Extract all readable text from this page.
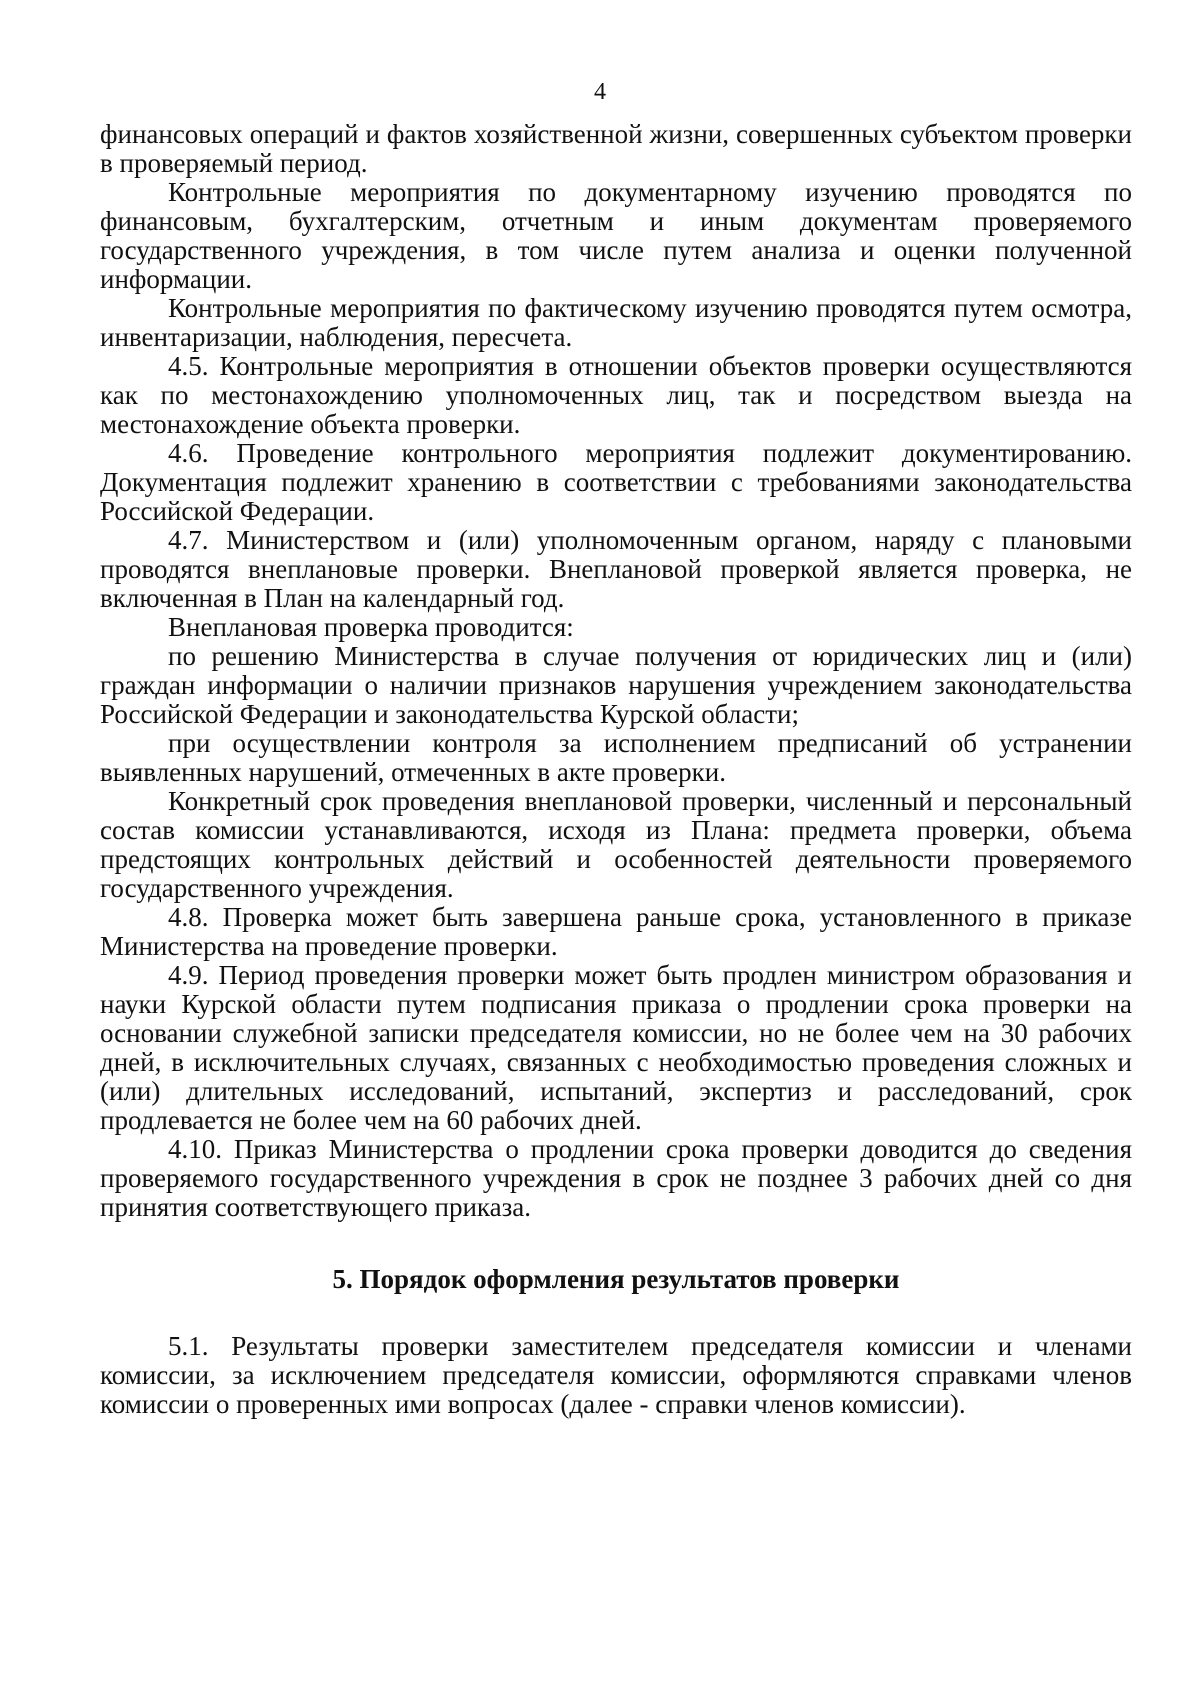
4

финансовых операций и фактов хозяйственной жизни, совершенных субъектом проверки в проверяемый период.

Контрольные мероприятия по документарному изучению проводятся по финансовым, бухгалтерским, отчетным и иным документам проверяемого государственного учреждения, в том числе путем анализа и оценки полученной информации.

Контрольные мероприятия по фактическому изучению проводятся путем осмотра, инвентаризации, наблюдения, пересчета.

4.5. Контрольные мероприятия в отношении объектов проверки осуществляются как по местонахождению уполномоченных лиц, так и посредством выезда на местонахождение объекта проверки.

4.6. Проведение контрольного мероприятия подлежит документированию. Документация подлежит хранению в соответствии с требованиями законодательства Российской Федерации.

4.7. Министерством и (или) уполномоченным органом, наряду с плановыми проводятся внеплановые проверки. Внеплановой проверкой является проверка, не включенная в План на календарный год.

Внеплановая проверка проводится:

по решению Министерства в случае получения от юридических лиц и (или) граждан информации о наличии признаков нарушения учреждением законодательства Российской Федерации и законодательства Курской области;

при осуществлении контроля за исполнением предписаний об устранении выявленных нарушений, отмеченных в акте проверки.

Конкретный срок проведения внеплановой проверки, численный и персональный состав комиссии устанавливаются, исходя из Плана: предмета проверки, объема предстоящих контрольных действий и особенностей деятельности проверяемого государственного учреждения.

4.8. Проверка может быть завершена раньше срока, установленного в приказе Министерства на проведение проверки.

4.9. Период проведения проверки может быть продлен министром образования и науки Курской области путем подписания приказа о продлении срока проверки на основании служебной записки председателя комиссии, но не более чем на 30 рабочих дней, в исключительных случаях, связанных с необходимостью проведения сложных и (или) длительных исследований, испытаний, экспертиз и расследований, срок продлевается не более чем на 60 рабочих дней.

4.10. Приказ Министерства о продлении срока проверки доводится до сведения проверяемого государственного учреждения в срок не позднее 3 рабочих дней со дня принятия соответствующего приказа.

5. Порядок оформления результатов проверки

5.1. Результаты проверки заместителем председателя комиссии и членами комиссии, за исключением председателя комиссии, оформляются справками членов комиссии о проверенных ими вопросах (далее - справки членов комиссии).
